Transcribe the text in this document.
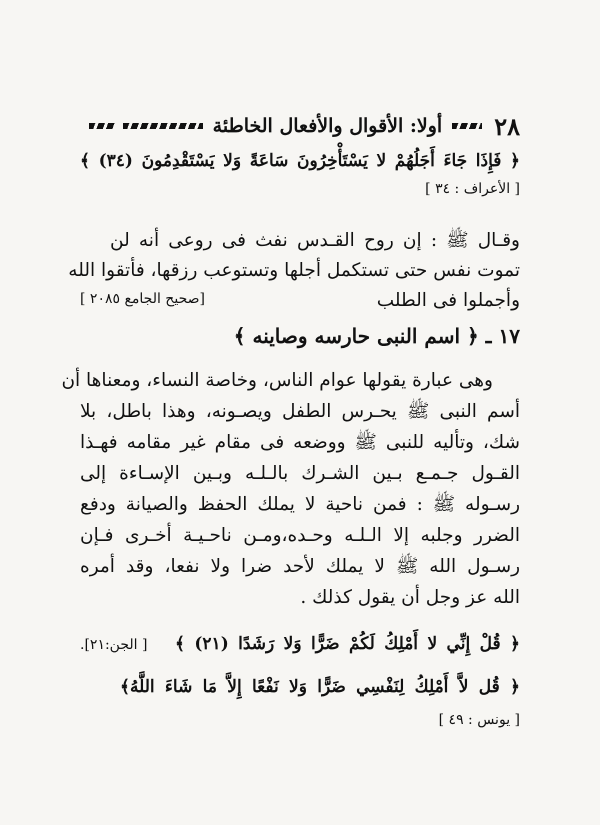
٢٨
أولا: الأقوال والأفعال الخاطئة
﴿ فَإِذَا جَاءَ أَجَلُهُمْ لا يَسْتَأْخِرُونَ سَاعَةً وَلا يَسْتَقْدِمُونَ (٣٤) ﴾
[ الأعراف : ٣٤ ]
وقـال ﷺ : إن روح القـدس نفث فى روعى أنه لن
تموت نفس حتى تستكمل أجلها وتستوعب رزقها، فأتقوا الله
وأجملوا فى الطلب
[صحيح الجامع ٢٠٨٥ ]
١٧ ـ ﴿ اسم النبى حارسه وصاينه ﴾
وهى عبارة يقولها عوام الناس، وخاصة النساء، ومعناها أن
أسم النبى ﷺ يحـرس الطفل ويصـونه، وهذا باطل، بلا
شك، وتأليه للنبى ﷺ ووضعه فى مقام غير مقامه فهـذا
القـول جـمـع بـين الشـرك بالـلـه وبـين الإسـاءة إلى
رسـوله ﷺ : فمن ناحية لا يملك الحفظ والصيانة ودفع
الضرر وجلبه إلا الـلـه وحـده،ومـن ناحـيـة أخـرى فـإن
رسـول الله ﷺ لا يملك لأحد ضرا ولا نفعا، وقد أمره
الله عز وجل أن يقول كذلك .
﴿ قُلْ إِنِّي لا أَمْلِكُ لَكُمْ ضَرًّا وَلا رَشَدًا (٢١) ﴾
[ الجن:٢١].
﴿ قُل لاَّ أَمْلِكُ لِنَفْسِي ضَرًّا وَلا نَفْعًا إِلاَّ مَا شَاءَ اللَّهُ﴾
[ يونس : ٤٩ ]
